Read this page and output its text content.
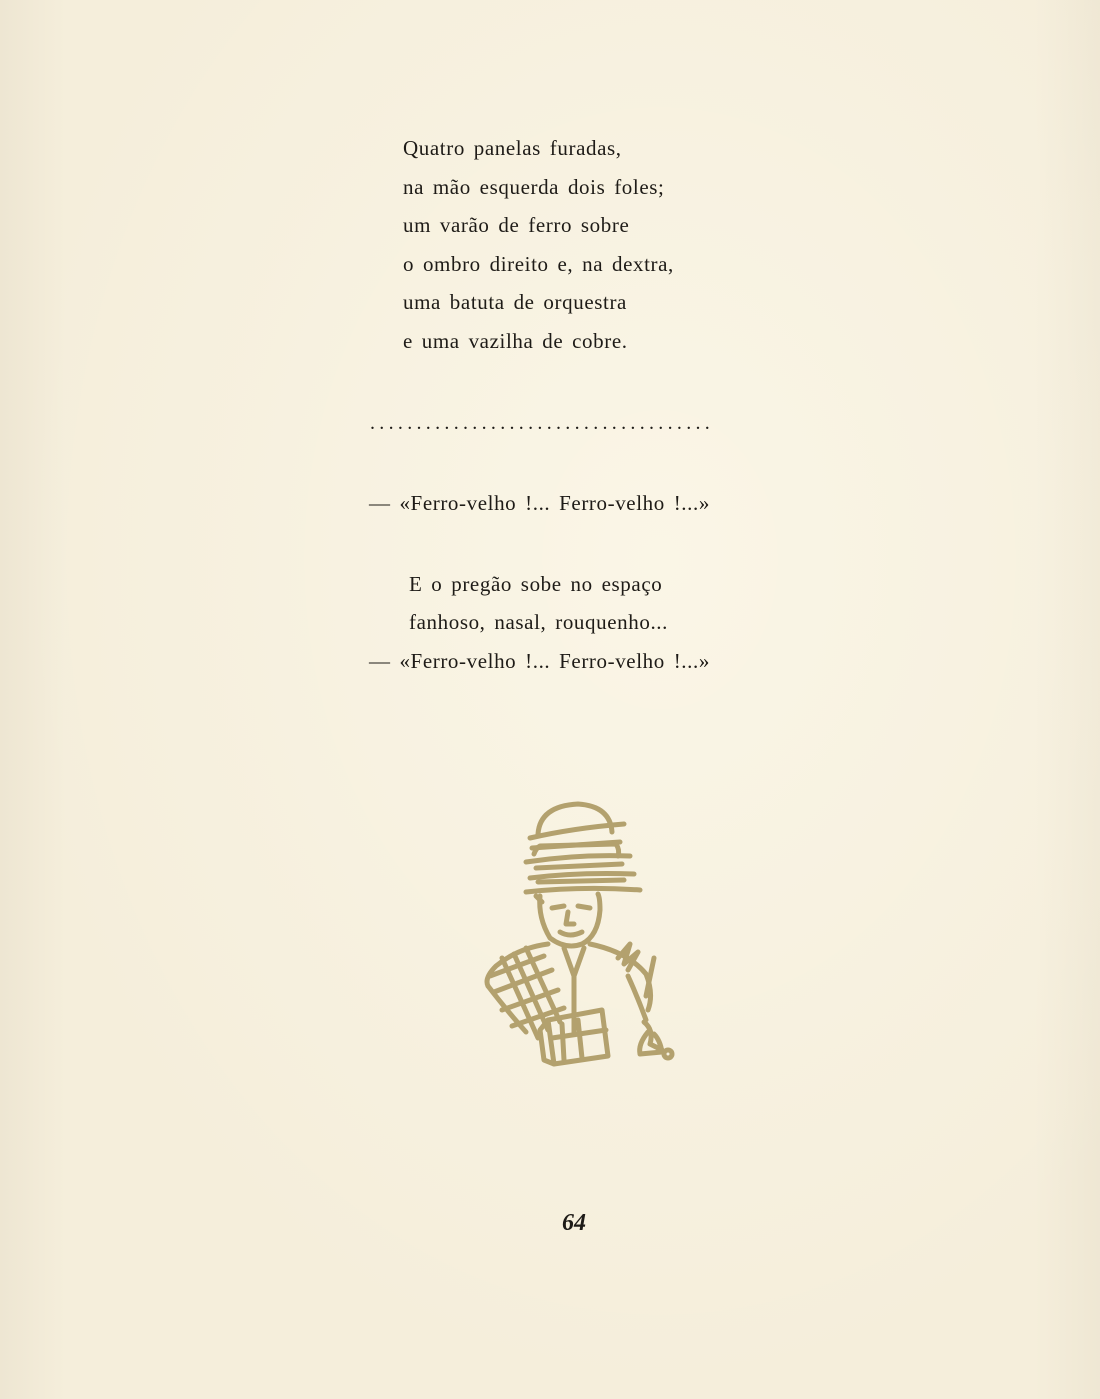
Quatro panelas furadas,
na mão esquerda dois foles;
um varão de ferro sobre
o ombro direito e, na dextra,
uma batuta de orquestra
e uma vazilha de cobre.
.....................................
— «Ferro-velho !... Ferro-velho !...»
E o pregão sobe no espaço
fanhoso, nasal, rouquenho...
— «Ferro-velho !... Ferro-velho !...»
64
